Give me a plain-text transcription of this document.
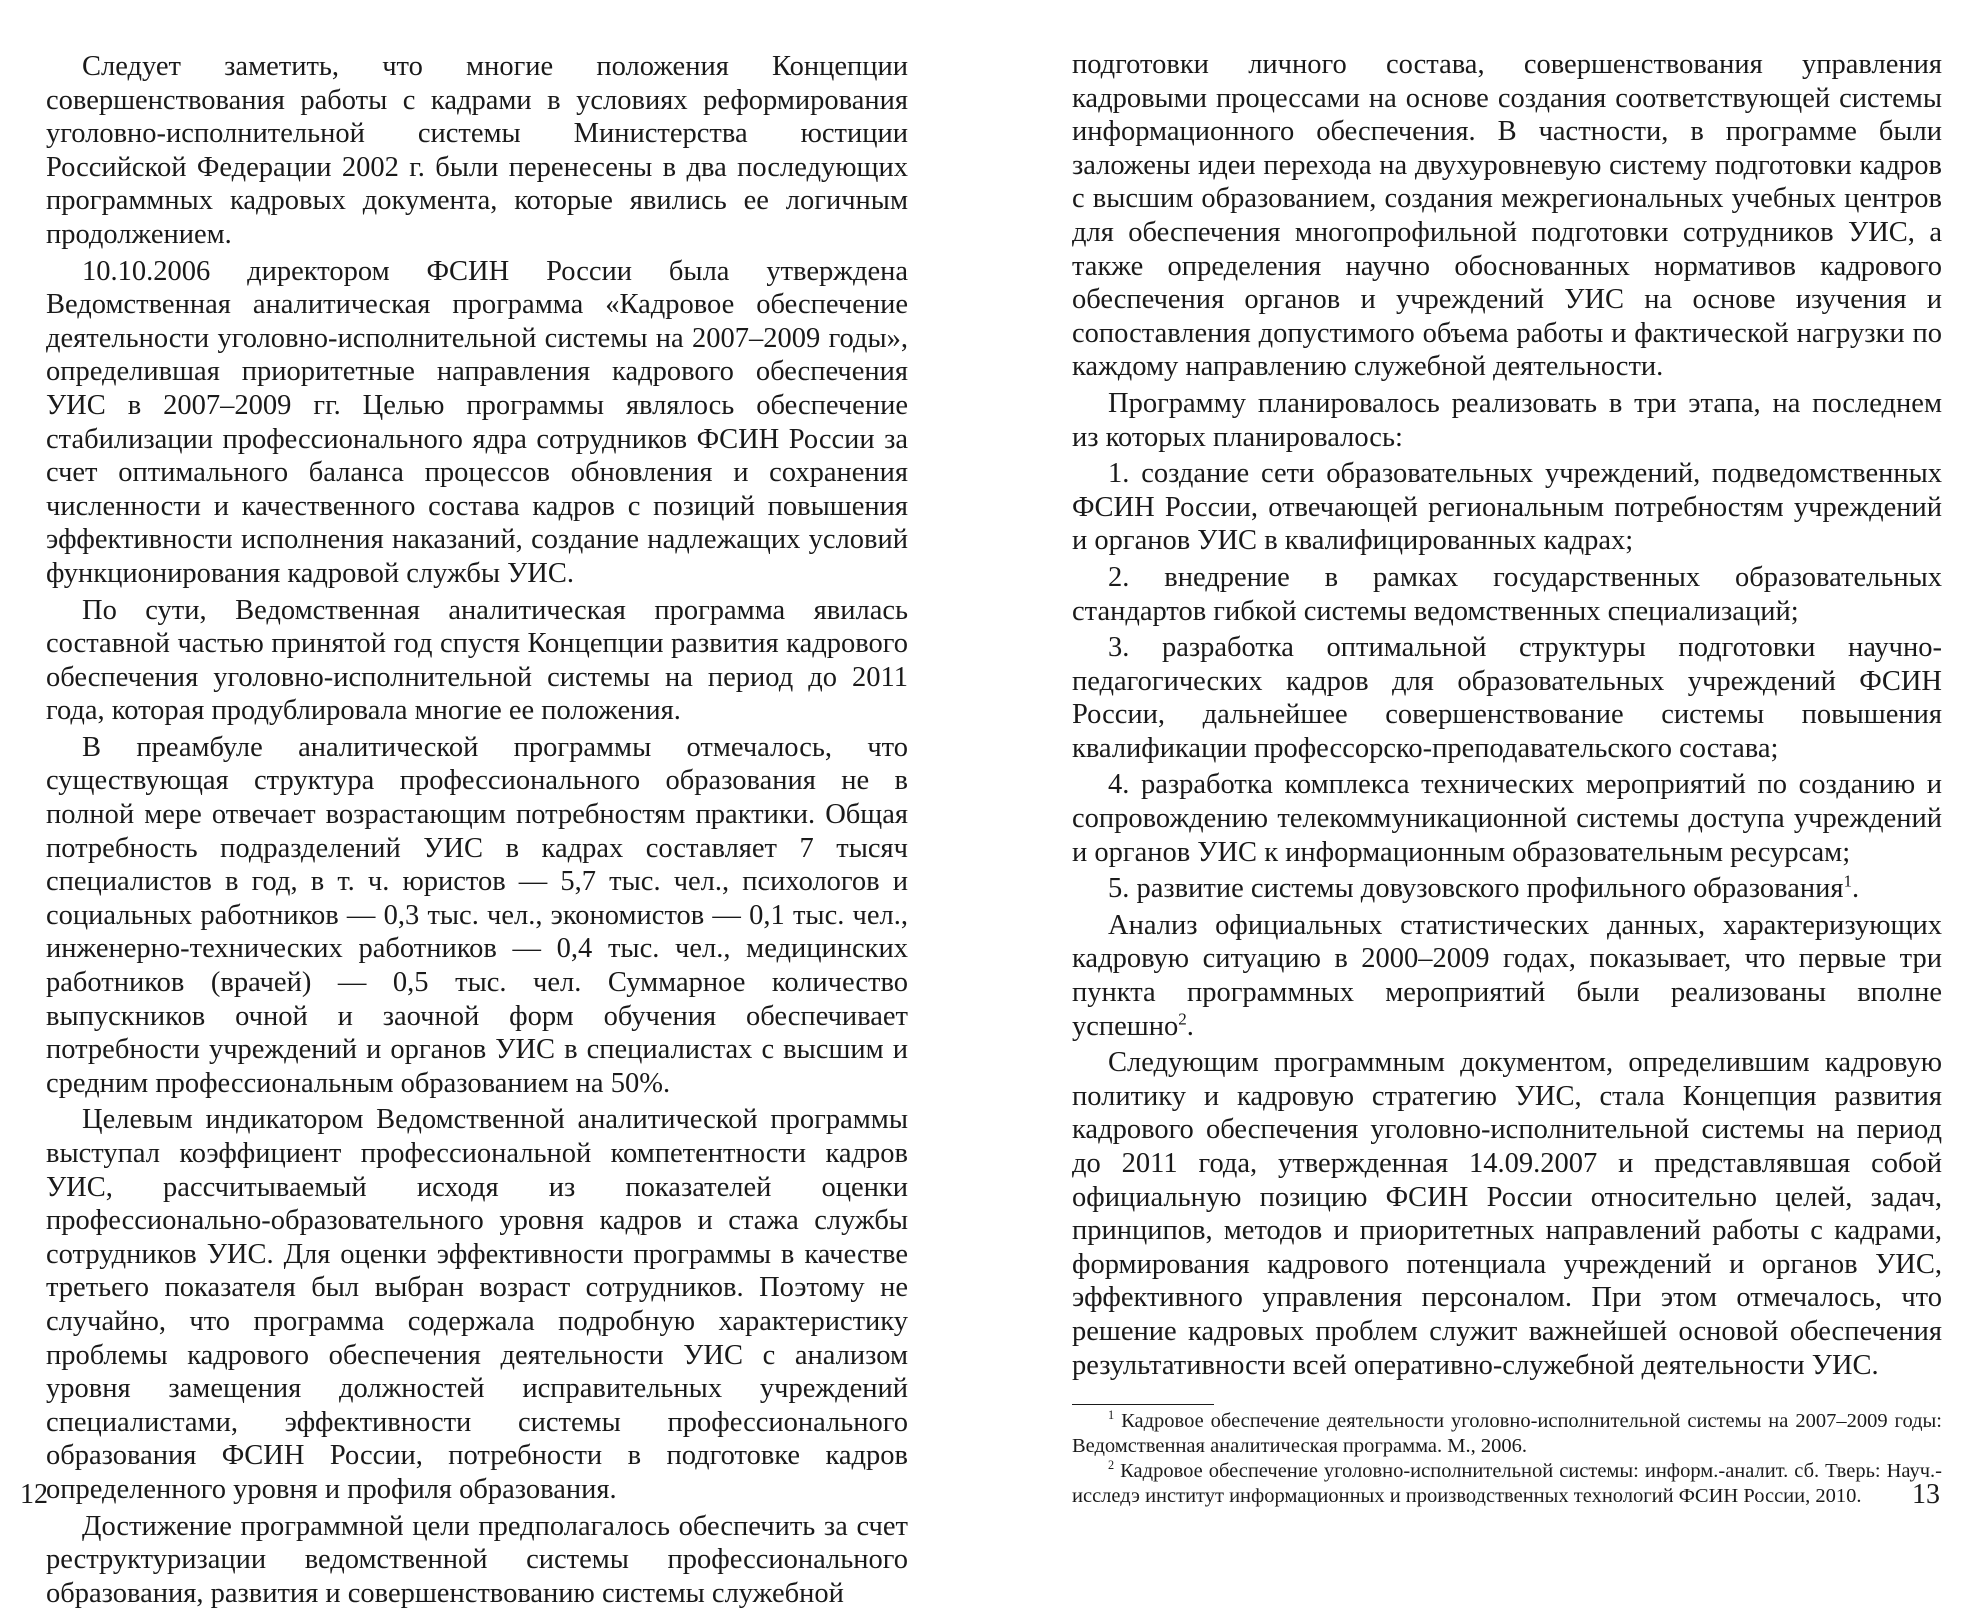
Следует заметить, что многие положения Концепции совершенствования работы с кадрами в условиях реформирования уголовно-исполнительной системы Министерства юстиции Российской Федерации 2002 г. были перенесены в два последующих программных кадровых документа, которые явились ее логичным продолжением.

10.10.2006 директором ФСИН России была утверждена Ведомственная аналитическая программа «Кадровое обеспечение деятельности уголовно-исполнительной системы на 2007–2009 годы», определившая приоритетные направления кадрового обеспечения УИС в 2007–2009 гг. Целью программы являлось обеспечение стабилизации профессионального ядра сотрудников ФСИН России за счет оптимального баланса процессов обновления и сохранения численности и качественного состава кадров с позиций повышения эффективности исполнения наказаний, создание надлежащих условий функционирования кадровой службы УИС.

По сути, Ведомственная аналитическая программа явилась составной частью принятой год спустя Концепции развития кадрового обеспечения уголовно-исполнительной системы на период до 2011 года, которая продублировала многие ее положения.

В преамбуле аналитической программы отмечалось, что существующая структура профессионального образования не в полной мере отвечает возрастающим потребностям практики. Общая потребность подразделений УИС в кадрах составляет 7 тысяч специалистов в год, в т. ч. юристов — 5,7 тыс. чел., психологов и социальных работников — 0,3 тыс. чел., экономистов — 0,1 тыс. чел., инженерно-технических работников — 0,4 тыс. чел., медицинских работников (врачей) — 0,5 тыс. чел. Суммарное количество выпускников очной и заочной форм обучения обеспечивает потребности учреждений и органов УИС в специалистах с высшим и средним профессиональным образованием на 50%.

Целевым индикатором Ведомственной аналитической программы выступал коэффициент профессиональной компетентности кадров УИС, рассчитываемый исходя из показателей оценки профессионально-образовательного уровня кадров и стажа службы сотрудников УИС. Для оценки эффективности программы в качестве третьего показателя был выбран возраст сотрудников. Поэтому не случайно, что программа содержала подробную характеристику проблемы кадрового обеспечения деятельности УИС с анализом уровня замещения должностей исправительных учреждений специалистами, эффективности системы профессионального образования ФСИН России, потребности в подготовке кадров определенного уровня и профиля образования.

Достижение программной цели предполагалось обеспечить за счет реструктуризации ведомственной системы профессионального образования, развития и совершенствованию системы служебной

12

подготовки личного состава, совершенствования управления кадровыми процессами на основе создания соответствующей системы информационного обеспечения. В частности, в программе были заложены идеи перехода на двухуровневую систему подготовки кадров с высшим образованием, создания межрегиональных учебных центров для обеспечения многопрофильной подготовки сотрудников УИС, а также определения научно обоснованных нормативов кадрового обеспечения органов и учреждений УИС на основе изучения и сопоставления допустимого объема работы и фактической нагрузки по каждому направлению служебной деятельности.

Программу планировалось реализовать в три этапа, на последнем из которых планировалось:

1. создание сети образовательных учреждений, подведомственных ФСИН России, отвечающей региональным потребностям учреждений и органов УИС в квалифицированных кадрах;

2. внедрение в рамках государственных образовательных стандартов гибкой системы ведомственных специализаций;

3. разработка оптимальной структуры подготовки научно-педагогических кадров для образовательных учреждений ФСИН России, дальнейшее совершенствование системы повышения квалификации профессорско-преподавательского состава;

4. разработка комплекса технических мероприятий по созданию и сопровождению телекоммуникационной системы доступа учреждений и органов УИС к информационным образовательным ресурсам;

5. развитие системы довузовского профильного образования$^1$.

Анализ официальных статистических данных, характеризующих кадровую ситуацию в 2000–2009 годах, показывает, что первые три пункта программных мероприятий были реализованы вполне успешно$^2$.

Следующим программным документом, определившим кадровую политику и кадровую стратегию УИС, стала Концепция развития кадрового обеспечения уголовно-исполнительной системы на период до 2011 года, утвержденная 14.09.2007 и представлявшая собой официальную позицию ФСИН России относительно целей, задач, принципов, методов и приоритетных направлений работы с кадрами, формирования кадрового потенциала учреждений и органов УИС, эффективного управления персоналом. При этом отмечалось, что решение кадровых проблем служит важнейшей основой обеспечения результативности всей оперативно-служебной деятельности УИС.

$^1$ Кадровое обеспечение деятельности уголовно-исполнительной системы на 2007–2009 годы: Ведомственная аналитическая программа. М., 2006.

$^2$ Кадровое обеспечение уголовно-исполнительной системы: информ.-аналит. сб. Тверь: Науч.-исследэ институт информационных и производственных технологий ФСИН России, 2010.	13
